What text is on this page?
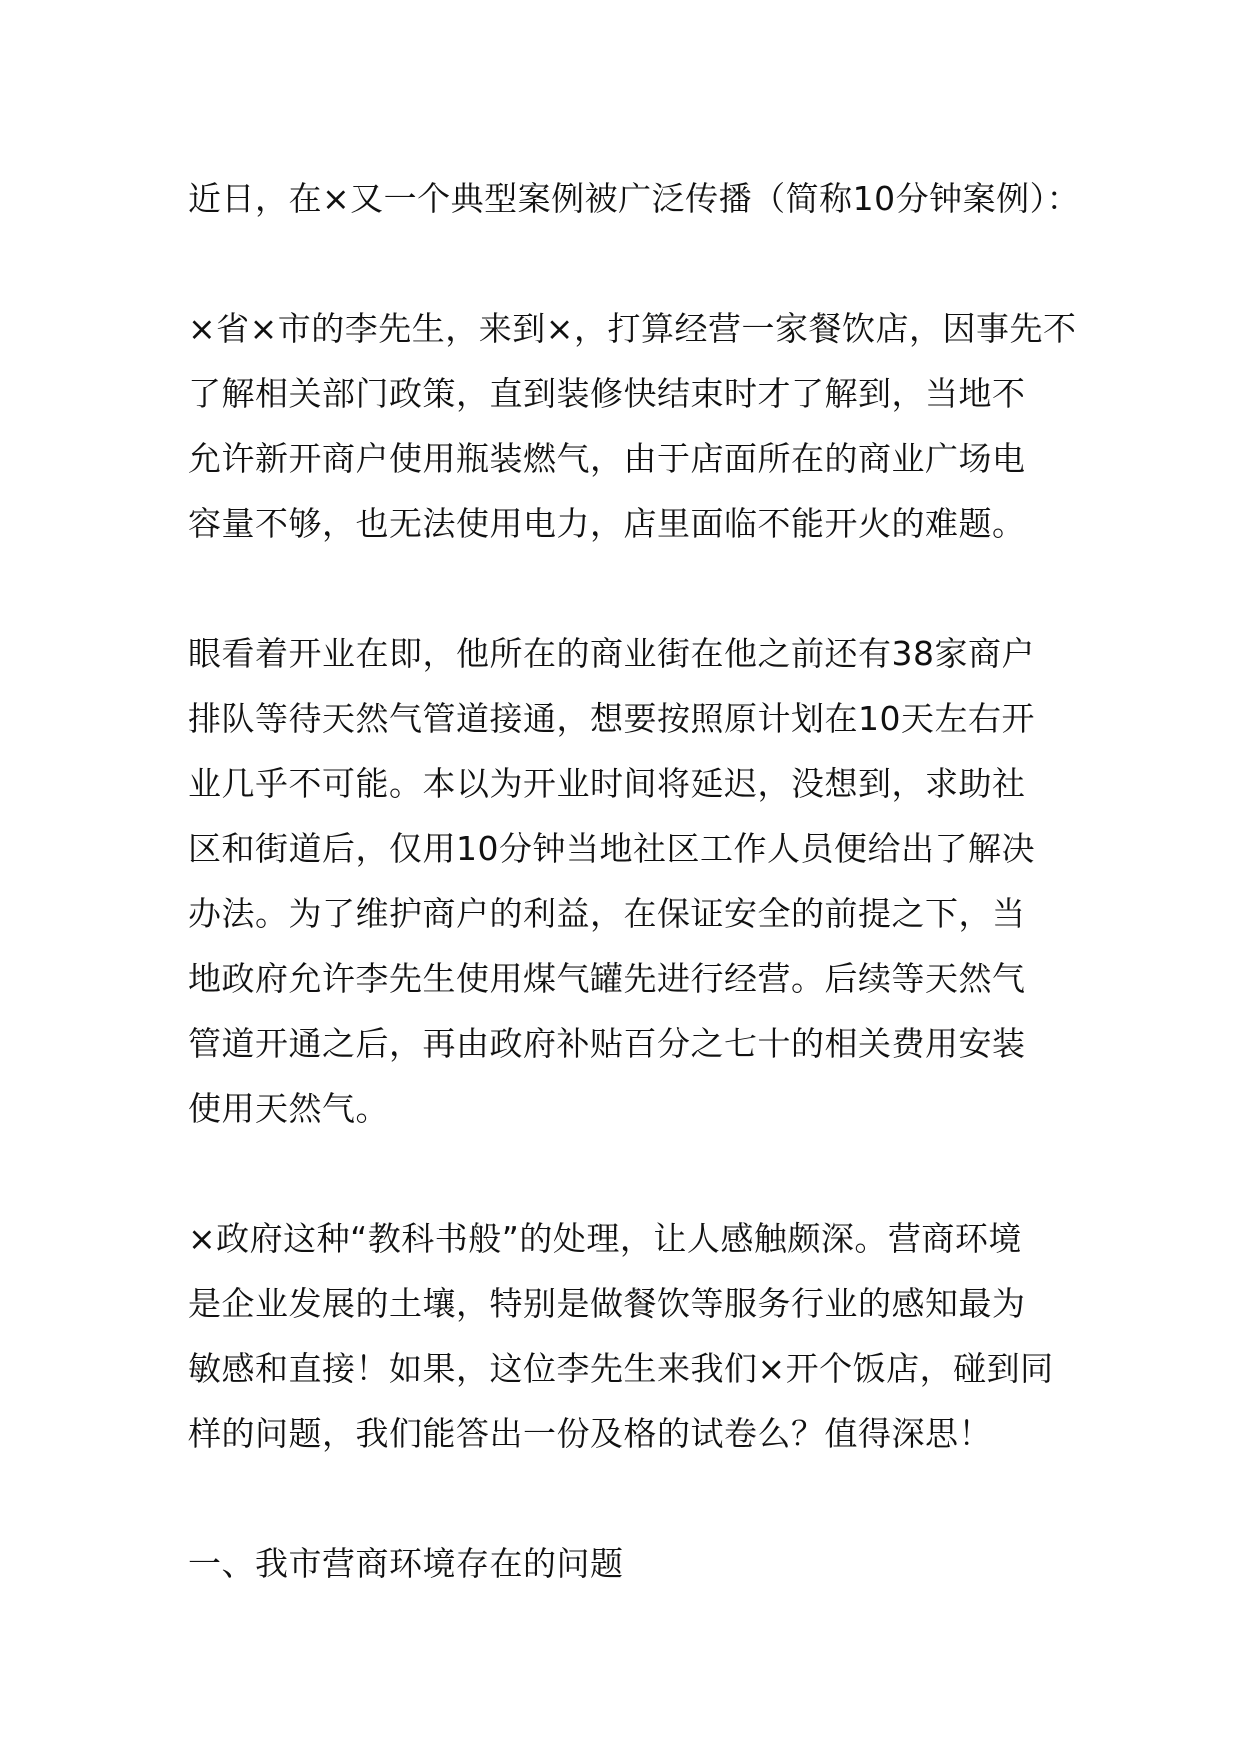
近日，在×又一个典型案例被广泛传播（简称10分钟案例）：

×省×市的李先生，来到×，打算经营一家餐饮店，因事先不
了解相关部门政策，直到装修快结束时才了解到，当地不
允许新开商户使用瓶装燃气，由于店面所在的商业广场电
容量不够，也无法使用电力，店里面临不能开火的难题。

眼看着开业在即，他所在的商业街在他之前还有38家商户
排队等待天然气管道接通，想要按照原计划在10天左右开
业几乎不可能。本以为开业时间将延迟，没想到，求助社
区和街道后，仅用10分钟当地社区工作人员便给出了解决
办法。为了维护商户的利益，在保证安全的前提之下，当
地政府允许李先生使用煤气罐先进行经营。后续等天然气
管道开通之后，再由政府补贴百分之七十的相关费用安装
使用天然气。

×政府这种“教科书般”的处理，让人感触颇深。营商环境
是企业发展的土壤，特别是做餐饮等服务行业的感知最为
敏感和直接！如果，这位李先生来我们×开个饭店，碰到同
样的问题，我们能答出一份及格的试卷么？值得深思！

一、我市营商环境存在的问题
